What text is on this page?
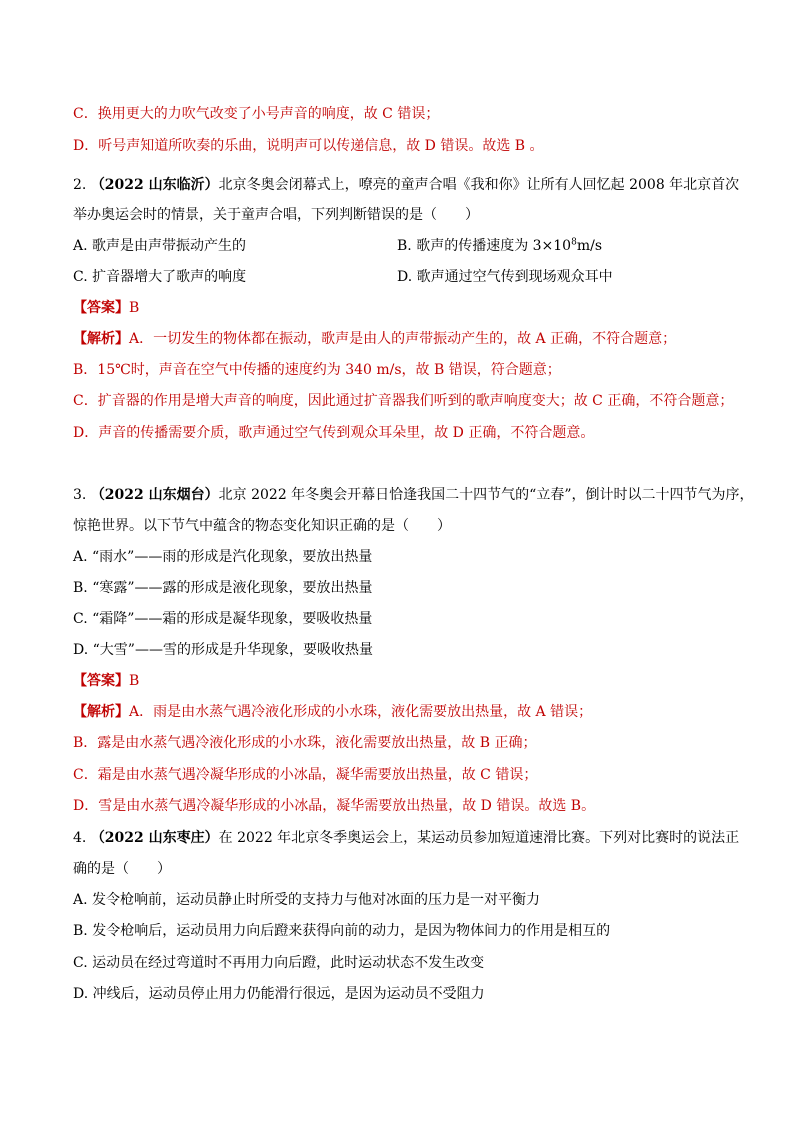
C．换用更大的力吹气改变了小号声音的响度，故 C 错误；
D．听号声知道所吹奏的乐曲，说明声可以传递信息，故 D 错误。故选 B 。
2. （2022 山东临沂）北京冬奥会闭幕式上，嘹亮的童声合唱《我和你》让所有人回忆起 2008 年北京首次
举办奥运会时的情景，关于童声合唱，下列判断错误的是（　　）
A. 歌声是由声带振动产生的	B. 歌声的传播速度为 $3\times 10^8m/s$
C. 扩音器增大了歌声的响度	D. 歌声通过空气传到现场观众耳中
【答案】B
【解析】A．一切发生的物体都在振动，歌声是由人的声带振动产生的，故 A 正确，不符合题意；
B．15℃时，声音在空气中传播的速度约为 340 m/s，故 B 错误，符合题意；
C．扩音器的作用是增大声音的响度，因此通过扩音器我们听到的歌声响度变大；故 C 正确，不符合题意；
D．声音的传播需要介质，歌声通过空气传到观众耳朵里，故 D 正确，不符合题意。
3. （2022 山东烟台）北京 2022 年冬奥会开幕日恰逢我国二十四节气的“立春”，倒计时以二十四节气为序，
惊艳世界。以下节气中蕴含的物态变化知识正确的是（　　）
A. “雨水”——雨的形成是汽化现象，要放出热量
B. “寒露”——露的形成是液化现象，要放出热量
C. “霜降”——霜的形成是凝华现象，要吸收热量
D. “大雪”——雪的形成是升华现象，要吸收热量
【答案】B
【解析】A．雨是由水蒸气遇冷液化形成的小水珠，液化需要放出热量，故 A 错误；
B．露是由水蒸气遇冷液化形成的小水珠，液化需要放出热量，故 B 正确；
C．霜是由水蒸气遇冷凝华形成的小冰晶，凝华需要放出热量，故 C 错误；
D．雪是由水蒸气遇冷凝华形成的小冰晶，凝华需要放出热量，故 D 错误。故选 B。
4. （2022 山东枣庄）在 2022 年北京冬季奥运会上，某运动员参加短道速滑比赛。下列对比赛时的说法正
确的是（　　）
A. 发令枪响前，运动员静止时所受的支持力与他对冰面的压力是一对平衡力
B. 发令枪响后，运动员用力向后蹬来获得向前的动力，是因为物体间力的作用是相互的
C. 运动员在经过弯道时不再用力向后蹬，此时运动状态不发生改变
D. 冲线后，运动员停止用力仍能滑行很远，是因为运动员不受阻力
